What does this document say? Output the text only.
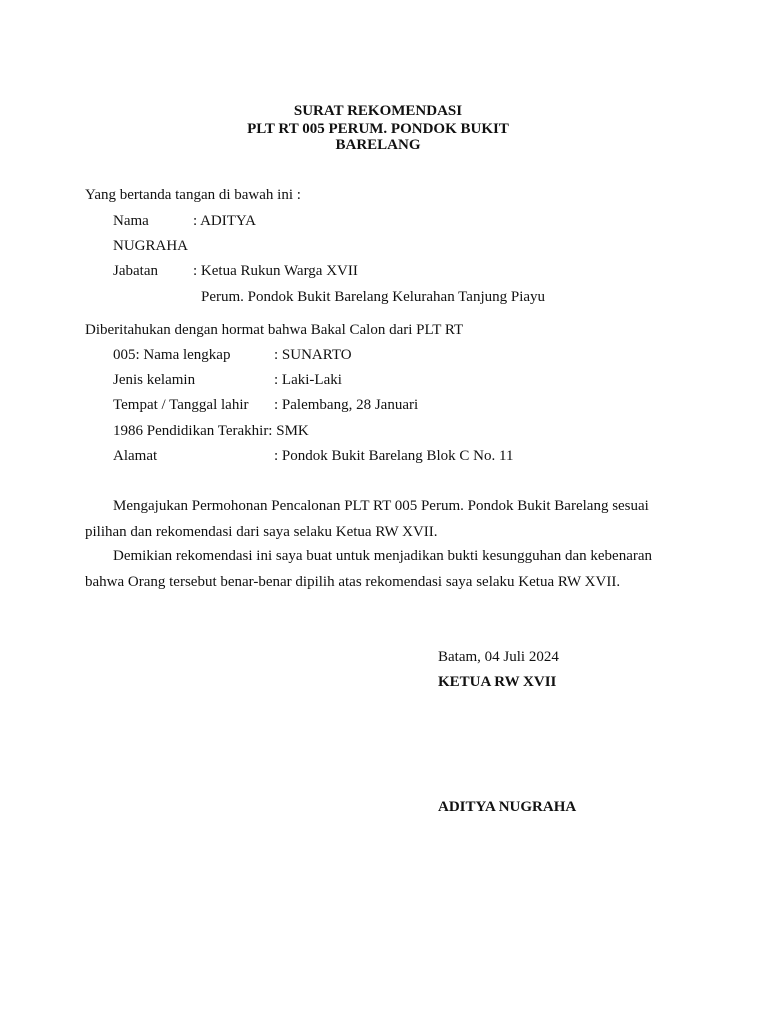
SURAT REKOMENDASI
PLT RT 005 PERUM. PONDOK BUKIT
BARELANG
Yang bertanda tangan di bawah ini :
Nama	: ADITYA
NUGRAHA
Jabatan : Ketua Rukun Warga XVII
Perum. Pondok Bukit Barelang Kelurahan Tanjung Piayu
Diberitahukan dengan hormat bahwa Bakal Calon dari PLT RT
005: Nama lengkap	: SUNARTO
Jenis kelamin	: Laki-Laki
Tempat / Tanggal lahir : Palembang, 28 Januari
1986 Pendidikan Terakhir: SMK
Alamat	: Pondok Bukit Barelang Blok C No. 11
Mengajukan Permohonan Pencalonan PLT RT 005 Perum. Pondok Bukit Barelang sesuai
pilihan dan rekomendasi dari saya selaku Ketua RW XVII.
Demikian rekomendasi ini saya buat untuk menjadikan bukti kesungguhan dan kebenaran
bahwa Orang tersebut benar-benar dipilih atas rekomendasi saya selaku Ketua RW XVII.
Batam, 04 Juli 2024
KETUA RW XVII
ADITYA NUGRAHA
